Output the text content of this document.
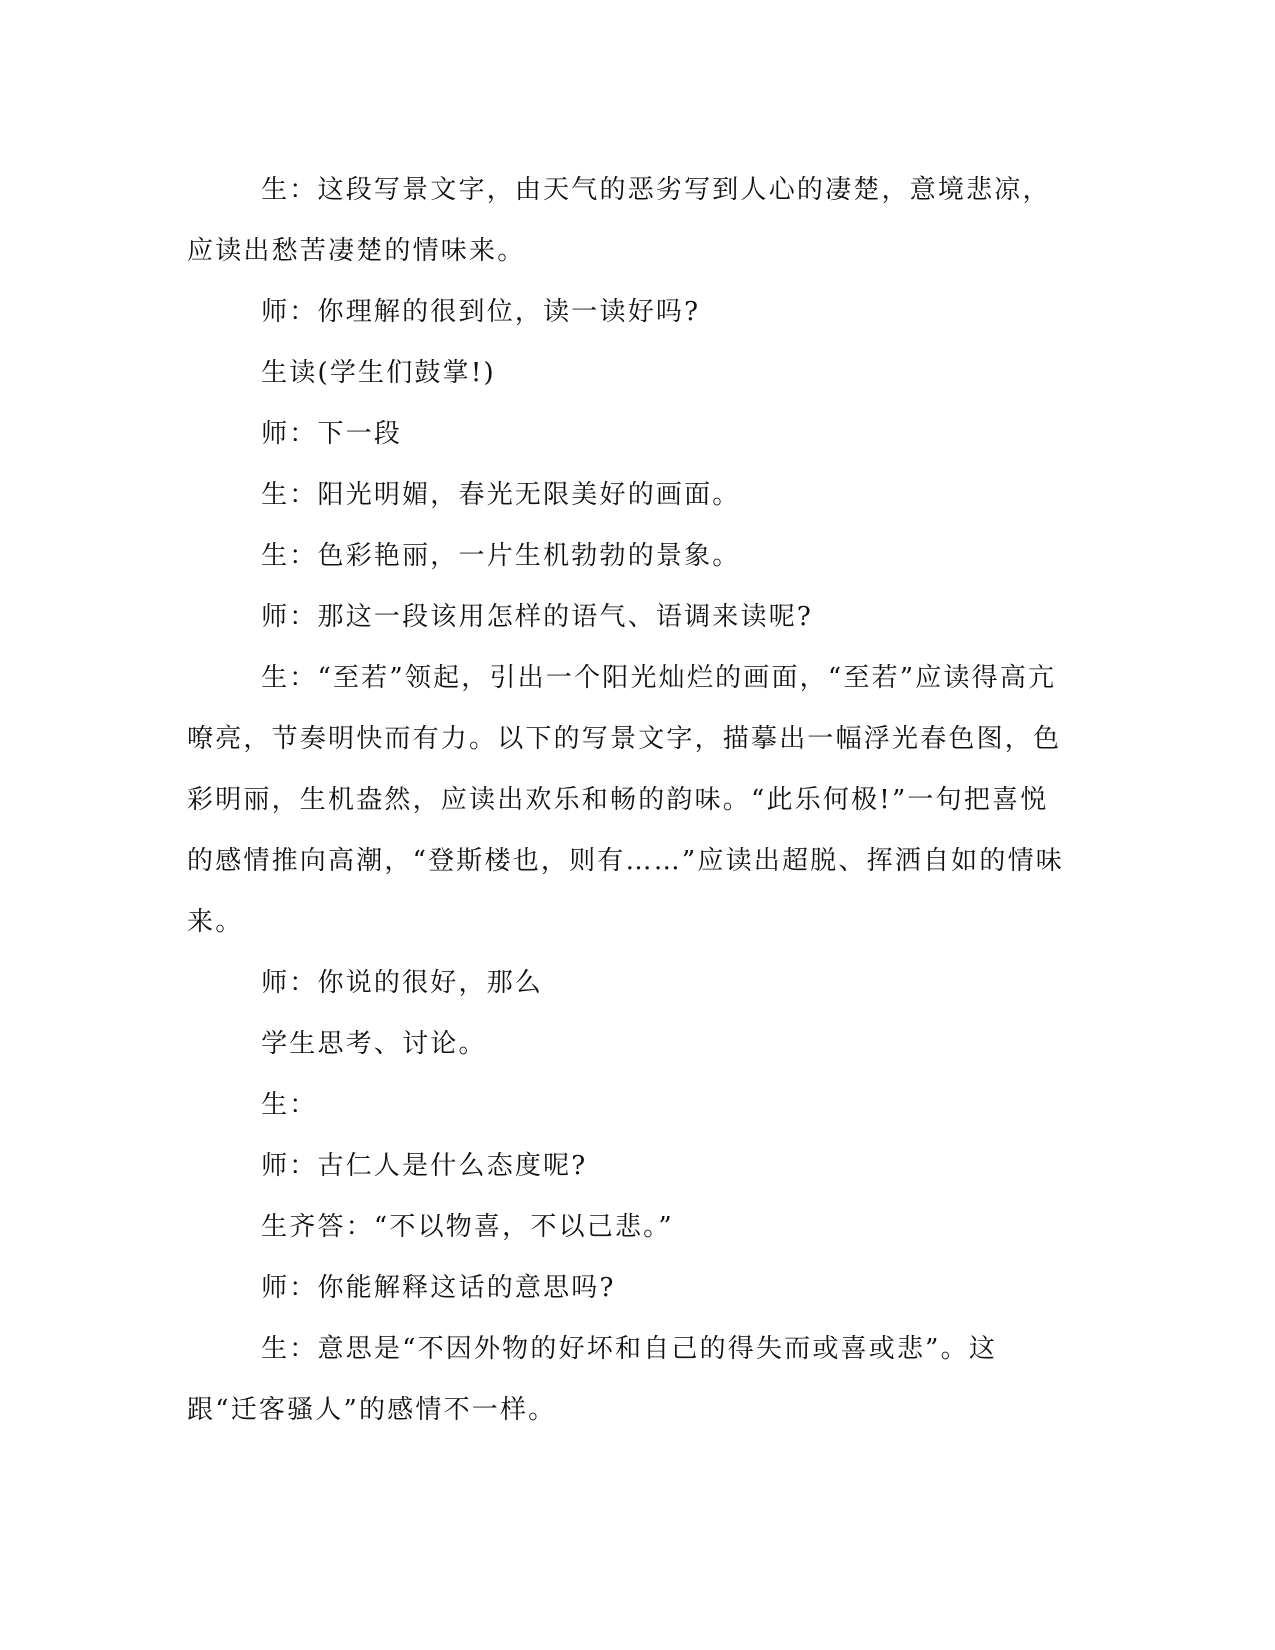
生：这段写景文字，由天气的恶劣写到人心的凄楚，意境悲凉，应读出愁苦凄楚的情味来。

师：你理解的很到位，读一读好吗?

生读(学生们鼓掌!)

师：下一段

生：阳光明媚，春光无限美好的画面。

生：色彩艳丽，一片生机勃勃的景象。

师：那这一段该用怎样的语气、语调来读呢?

生：“至若”领起，引出一个阳光灿烂的画面，“至若”应读得高亢嘹亮，节奏明快而有力。以下的写景文字，描摹出一幅浮光春色图，色彩明丽，生机盎然，应读出欢乐和畅的韵味。“此乐何极!”一句把喜悦的感情推向高潮，“登斯楼也，则有……”应读出超脱、挥洒自如的情味来。

师：你说的很好，那么

学生思考、讨论。

生：

师：古仁人是什么态度呢?

生齐答：“不以物喜，不以己悲。”

师：你能解释这话的意思吗?

生：意思是“不因外物的好坏和自己的得失而或喜或悲”。这跟“迁客骚人”的感情不一样。
